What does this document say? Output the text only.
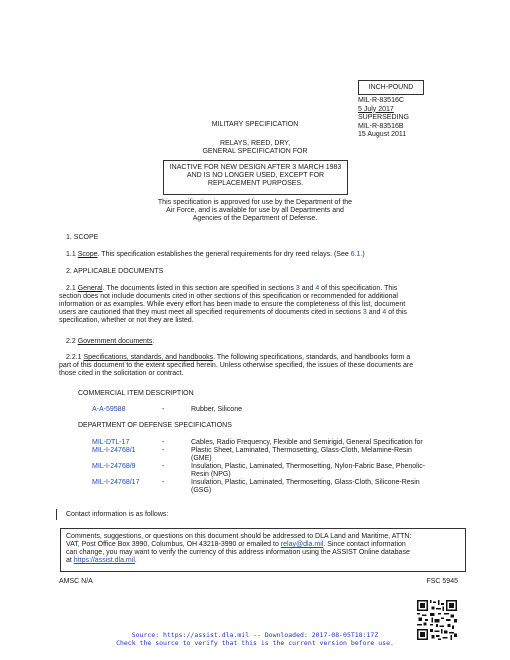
INCH-POUND
MIL-R-83516C
5 July 2017
SUPERSEDING
MIL-R-83516B
15 August 2011
MILITARY SPECIFICATION
RELAYS, REED, DRY,
GENERAL SPECIFICATION FOR
INACTIVE FOR NEW DESIGN AFTER 3 MARCH 1983
AND IS NO LONGER USED, EXCEPT FOR
REPLACEMENT PURPOSES.
This specification is approved for use by the Department of the
Air Force, and is available for use by all Departments and
Agencies of the Department of Defense.
1. SCOPE
1.1 Scope. This specification establishes the general requirements for dry reed relays. (See 6.1.)
2. APPLICABLE DOCUMENTS
2.1 General. The documents listed in this section are specified in sections 3 and 4 of this specification. This
section does not include documents cited in other sections of this specification or recommended for additional
information or as examples. While every effort has been made to ensure the completeness of this list, document
users are cautioned that they must meet all specified requirements of documents cited in sections 3 and 4 of this
specification, whether or not they are listed.
2.2 Government documents.
2.2.1 Specifications, standards, and handbooks. The following specifications, standards, and handbooks form a
part of this document to the extent specified herein. Unless otherwise specified, the issues of these documents are
those cited in the solicitation or contract.
COMMERCIAL ITEM DESCRIPTION
A-A-59588	-	Rubber, Silicone
DEPARTMENT OF DEFENSE SPECIFICATIONS
MIL-DTL-17	-	Cables, Radio Frequency, Flexible and Semirigid, General Specification for
MIL-I-24768/1	-	Plastic Sheet, Laminated, Thermosetting, Glass-Cloth, Melamine-Resin
(GME)
MIL-I-24768/9	-	Insulation, Plastic, Laminated, Thermosetting, Nylon-Fabric Base, Phenolic-
Resin (NPG)
MIL-I-24768/17	-	Insulation, Plastic, Laminated, Thermosetting, Glass-Cloth, Silicone-Resin
(GSG)
Contact information is as follows:
Comments, suggestions, or questions on this document should be addressed to DLA Land and Maritime, ATTN:
VAT, Post Office Box 3990, Columbus, OH 43218-3990 or emailed to relay@dla.mil. Since contact information
can change, you may want to verify the currency of this address information using the ASSIST Online database
at https://assist.dla.mil.
AMSC N/A	FSC 5945
Source: https://assist.dla.mil -- Downloaded: 2017-08-05T18:17Z
Check the source to verify that this is the current version before use.
